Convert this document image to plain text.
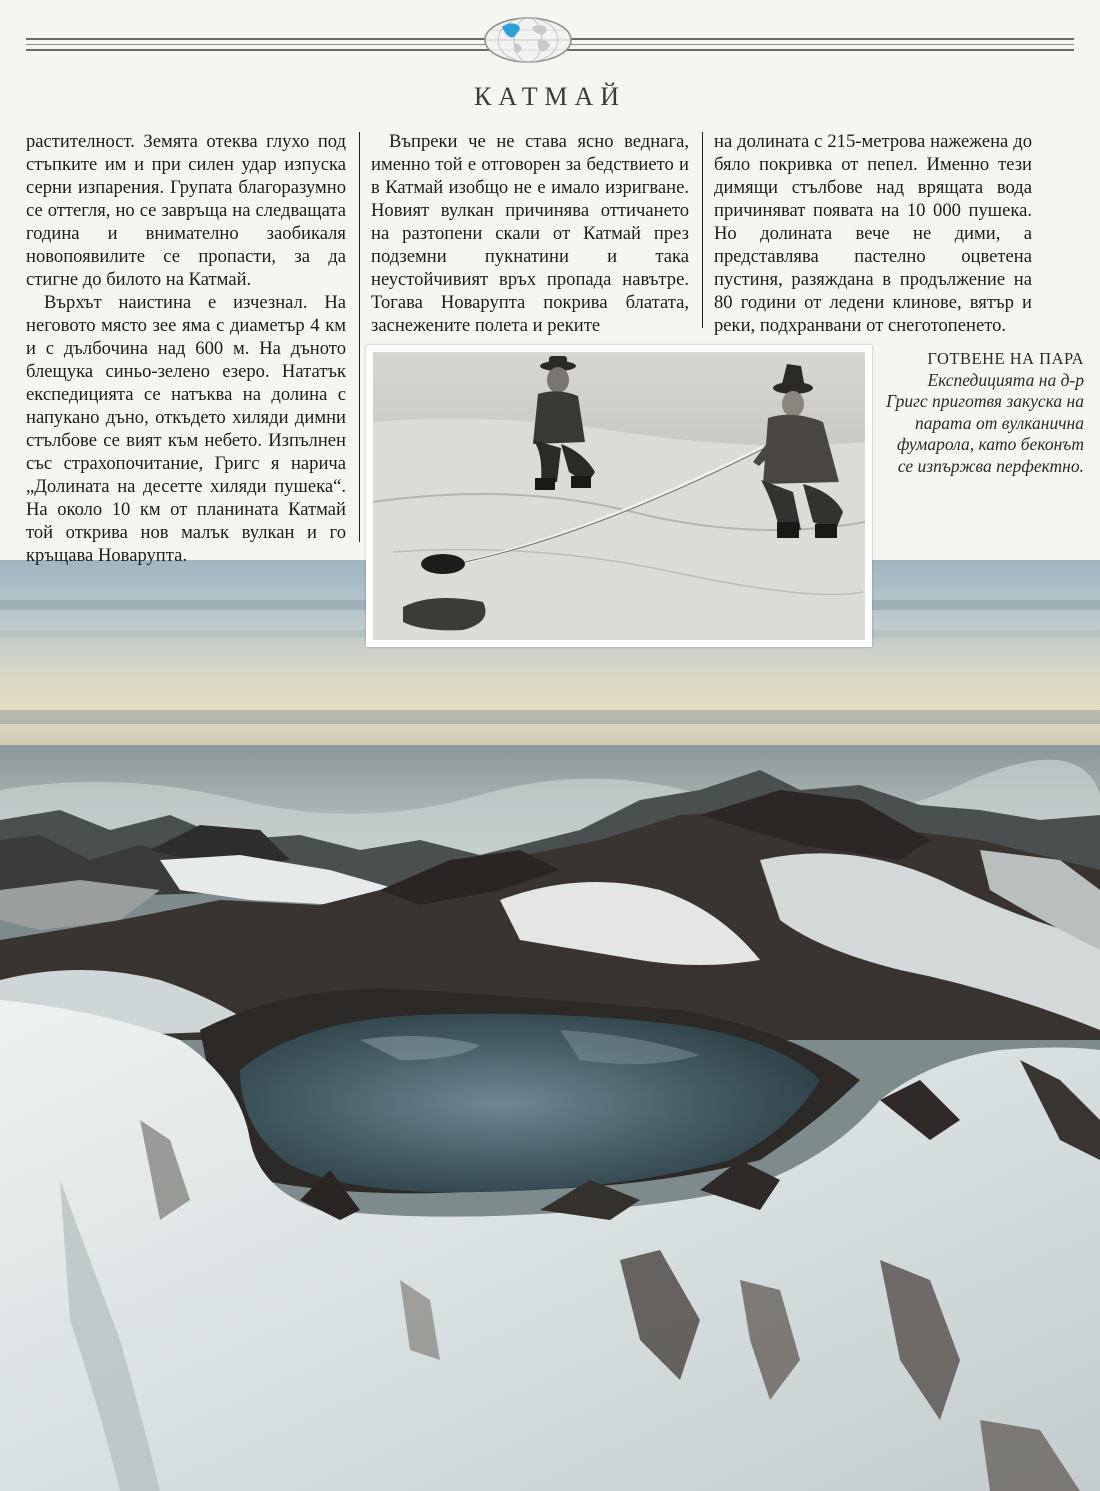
КАТМАЙ

растителност. Земята отеква глухо под стъпките им и при силен удар изпуска серни изпарения. Групата благоразумно се оттегля, но се завръща на следващата година и внимателно заобикаля новопоявилите се пропасти, за да стигне до билото на Катмай.

Върхът наистина е изчезнал. На неговото място зее яма с диаметър 4 км и с дълбочина над 600 м. На дъното блещука синьо-зелено езеро. Нататък експедицията се натъква на долина с напукано дъно, откъдето хиляди димни стълбове се вият към небето. Изпълнен със страхопочитание, Григс я нарича „Долината на десетте хиляди пушека“. На около 10 км от планината Катмай той открива нов малък вулкан и го кръщава Новарупта.

Въпреки че не става ясно веднага, именно той е отговорен за бедствието и в Катмай изобщо не е имало изригване. Новият вулкан причинява оттичането на разтопени скали от Катмай през подземни пукнатини и така неустойчивият връх пропада навътре. Тогава Новарупта покрива блатата, заснежените полета и реките

на долината с 215-метрова нажежена до бяло покривка от пепел. Именно тези димящи стълбове над врящата вода причиняват появата на 10 000 пушека. Но долината вече не дими, а представлява пастелно оцветена пустиня, разяждана в продължение на 80 години от ледени клинове, вятър и реки, подхранвани от снеготопенето.

ГОТВЕНЕ НА ПАРА
Експедицията на д-р Григс приготвя закуска на парата от вулканична фумарола, като беконът се изпържва перфектно.
